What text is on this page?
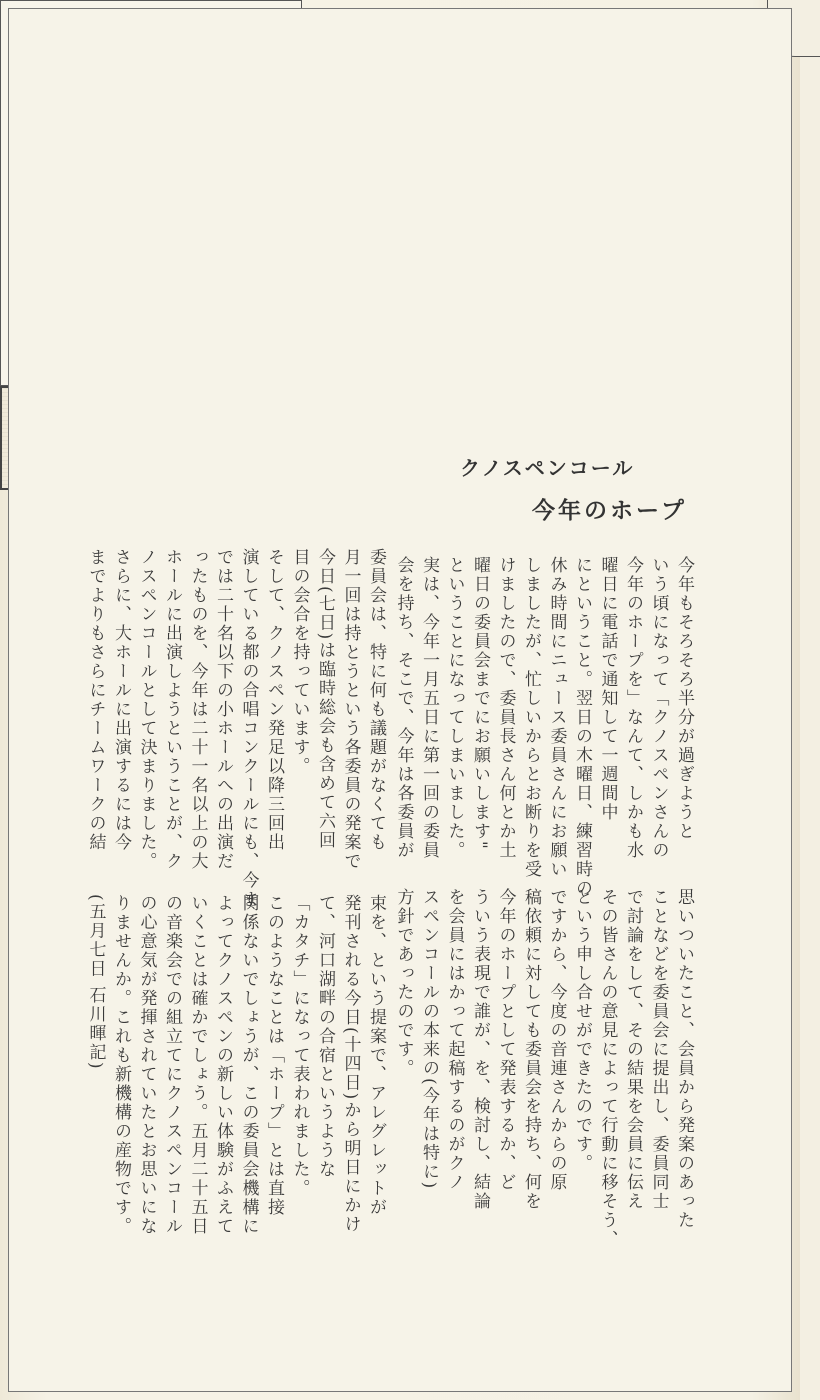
クノスペンコール
今年のホープ
今年もそろそろ半分が過ぎようと
いう頃になって「クノスペンさんの
今年のホープを」なんて、しかも水
曜日に電話で通知して一週間中
にということ。翌日の木曜日、練習時の
休み時間にニュース委員さんにお願い
しましたが、忙しいからとお断りを受
けましたので、委員長さん何とか土
曜日の委員会までにお願いします"
ということになってしまいました。
実は、今年一月五日に第一回の委員
会を持ち、そこで、今年は各委員が
思いついたこと、会員から発案のあった
ことなどを委員会に提出し、委員同士
で討論をして、その結果を会員に伝え
その皆さんの意見によって行動に移そう、
という申し合せができたのです。
ですから、今度の音連さんからの原
稿依頼に対しても委員会を持ち、何を
今年のホープとして発表するか、ど
ういう表現で誰が、を、検討し、結論
を会員にはかって起稿するのがクノ
スペンコールの本来の(今年は特に)
方針であったのです。
委員会は、特に何も議題がなくても
月一回は持とうという各委員の発案で
今日(七日)は臨時総会も含めて六回
目の会合を持っています。
そして、クノスペン発足以降三回出
演している都の合唱コンクールにも、今ま
では二十名以下の小ホールへの出演だ
ったものを、今年は二十一名以上の大
ホールに出演しようということが、ク
ノスペンコールとして決まりました。
さらに、大ホールに出演するには今
までよりもさらにチームワークの結
束を、という提案で、アレグレットが
発刊される今日(十四日)から明日にかけ
て、河口湖畔の合宿というような
「カタチ」になって表われました。
このようなことは「ホープ」とは直接
関係ないでしょうが、この委員会機構に
よってクノスペンの新しい体験がふえて
いくことは確かでしょう。五月二十五日
の音楽会での組立てにクノスペンコール
の心意気が発揮されていたとお思いにな
りませんか。これも新機構の産物です。
(五月七日 石川暉記)
